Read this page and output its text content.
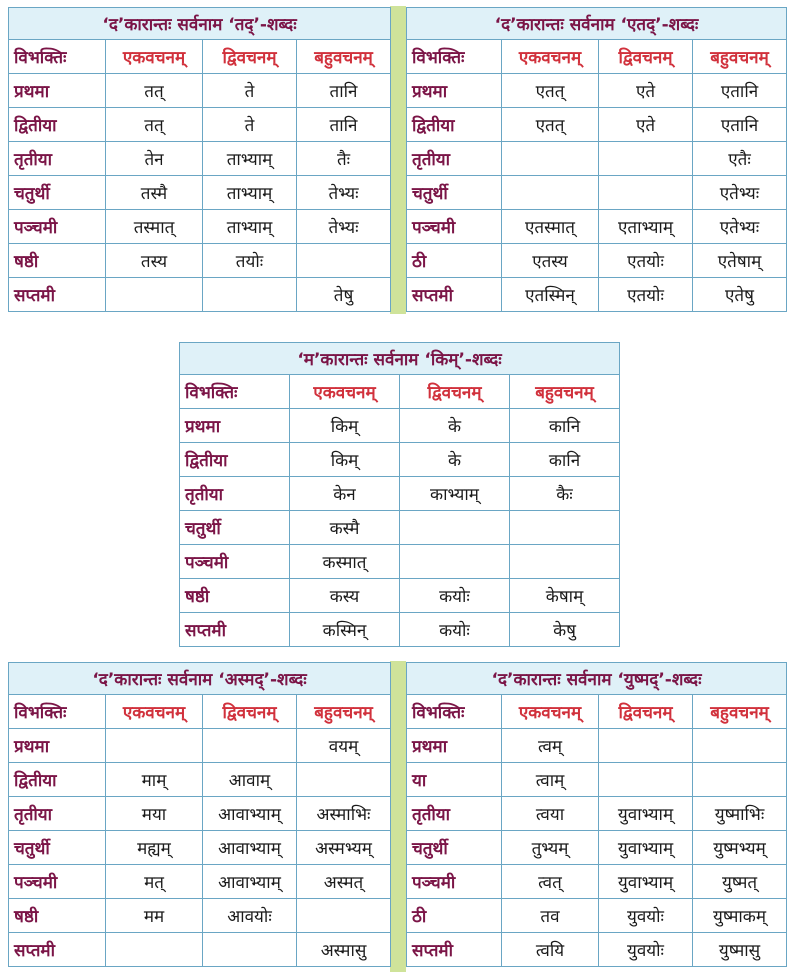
‘द’कारान्तः सर्वनाम ‘तद्’-शब्दः			
विभक्तिः	एकवचनम्	द्विवचनम्	बहुवचनम्
प्रथमा	तत्	ते	तानि
द्वितीया	तत्	ते	तानि
तृतीया	तेन	ताभ्याम्	तैः
चतुर्थी	तस्मै	ताभ्याम्	तेभ्यः
पञ्चमी	तस्मात्	ताभ्याम्	तेभ्यः
षष्ठी	तस्य	तयोः	
सप्तमी			तेषु
‘द’कारान्तः सर्वनाम ‘एतद्’-शब्दः			
विभक्तिः	एकवचनम्	द्विवचनम्	बहुवचनम्
प्रथमा	एतत्	एते	एतानि
द्वितीया	एतत्	एते	एतानि
तृतीया			एतैः
चतुर्थी			एतेभ्यः
पञ्चमी	एतस्मात्	एताभ्याम्	एतेभ्यः
ठी	एतस्य	एतयोः	एतेषाम्
सप्तमी	एतस्मिन्	एतयोः	एतेषु
‘म’कारान्तः सर्वनाम ‘किम्’-शब्दः			
विभक्तिः	एकवचनम्	द्विवचनम्	बहुवचनम्
प्रथमा	किम्	के	कानि
द्वितीया	किम्	के	कानि
तृतीया	केन	काभ्याम्	कैः
चतुर्थी	कस्मै		
पञ्चमी	कस्मात्		
षष्ठी	कस्य	कयोः	केषाम्
सप्तमी	कस्मिन्	कयोः	केषु
‘द’कारान्तः सर्वनाम ‘अस्मद्’-शब्दः			
विभक्तिः	एकवचनम्	द्विवचनम्	बहुवचनम्
प्रथमा			वयम्
द्वितीया	माम्	आवाम्	
तृतीया	मया	आवाभ्याम्	अस्माभिः
चतुर्थी	मह्यम्	आवाभ्याम्	अस्मभ्यम्
पञ्चमी	मत्	आवाभ्याम्	अस्मत्
षष्ठी	मम	आवयोः	
सप्तमी			अस्मासु
‘द’कारान्तः सर्वनाम ‘युष्मद्’-शब्दः			
विभक्तिः	एकवचनम्	द्विवचनम्	बहुवचनम्
प्रथमा	त्वम्		
या	त्वाम्		
तृतीया	त्वया	युवाभ्याम्	युष्माभिः
चतुर्थी	तुभ्यम्	युवाभ्याम्	युष्मभ्यम्
पञ्चमी	त्वत्	युवाभ्याम्	युष्मत्
ठी	तव	युवयोः	युष्माकम्
सप्तमी	त्वयि	युवयोः	युष्मासु
